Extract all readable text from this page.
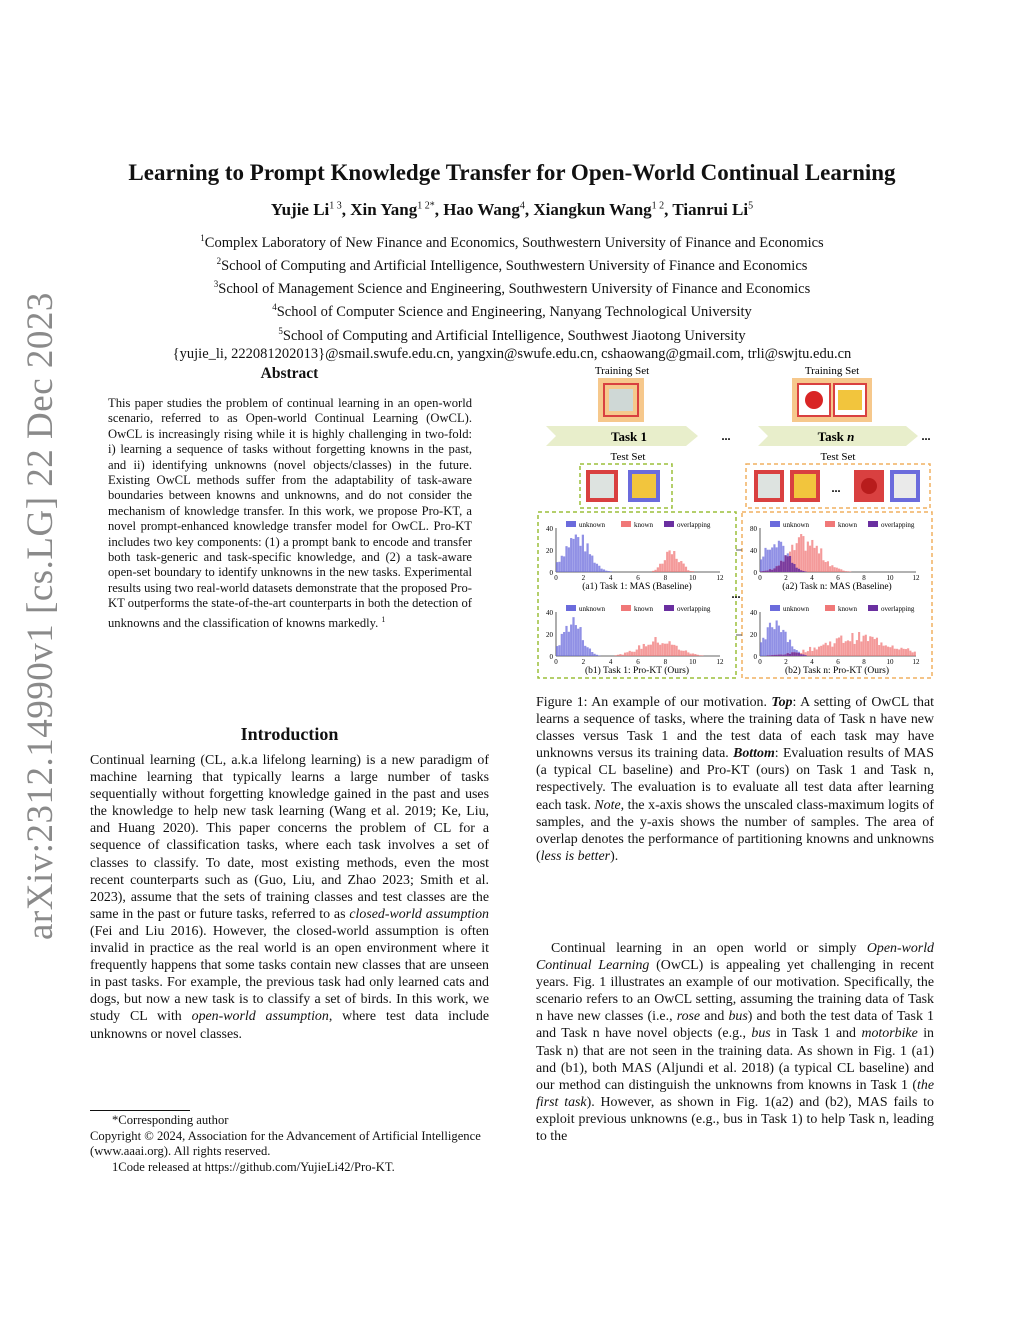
arXiv:2312.14990v1 [cs.LG] 22 Dec 2023
Learning to Prompt Knowledge Transfer for Open-World Continual Learning
Yujie $Li^{1 3}$, Xin Yang$^{1 2*}$, Hao Wang$^4$, Xiangkun Wang$^{1 2}$, Tianrui Li$^5$
$^1$Complex Laboratory of New Finance and Economics, Southwestern University of Finance and Economics
$^2$School of Computing and Artificial Intelligence, Southwestern University of Finance and Economics
$^3$School of Management Science and Engineering, Southwestern University of Finance and Economics
$^4$School of Computer Science and Engineering, Nanyang Technological University
$^5$School of Computing and Artificial Intelligence, Southwest Jiaotong University
{yujie_li, 222081202013}@smail.swufe.edu.cn, yangxin@swufe.edu.cn, cshaowang@gmail.com, trli@swjtu.edu.cn
Abstract
This paper studies the problem of continual learning in an open-world scenario, referred to as Open-world Continual Learning (OwCL). OwCL is increasingly rising while it is highly challenging in two-fold: i) learning a sequence of tasks without forgetting knowns in the past, and ii) identifying unknowns (novel objects/classes) in the future. Existing OwCL methods suffer from the adaptability of task-aware boundaries between knowns and unknowns, and do not consider the mechanism of knowledge transfer. In this work, we propose Pro-KT, a novel prompt-enhanced knowledge transfer model for OwCL. Pro-KT includes two key components: (1) a prompt bank to encode and transfer both task-generic and task-specific knowledge, and (2) a task-aware open-set boundary to identify unknowns in the new tasks. Experimental results using two real-world datasets demonstrate that the proposed Pro-KT outperforms the state-of-the-art counterparts in both the detection of unknowns and the classification of knowns markedly. $^1$
Introduction
Continual learning (CL, a.k.a lifelong learning) is a new paradigm of machine learning that typically learns a large number of tasks sequentially without forgetting knowledge gained in the past and uses the knowledge to help new task learning (Wang et al. 2019; Ke, Liu, and Huang 2020). This paper concerns the problem of CL for a sequence of classification tasks, where each task involves a set of classes to classify. To date, most existing methods, even the most recent counterparts such as (Guo, Liu, and Zhao 2023; Smith et al. 2023), assume that the sets of training classes and test classes are the same in the past or future tasks, referred to as closed-world assumption (Fei and Liu 2016). However, the closed-world assumption is often invalid in practice as the real world is an open environment where it frequently happens that some tasks contain new classes that are unseen in past tasks. For example, the previous task had only learned cats and dogs, but now a new task is to classify a set of birds. In this work, we study CL with open-world assumption, where test data include unknowns or novel classes.

*Corresponding author

Copyright © 2024, Association for the Advancement of Artificial Intelligence (www.aaai.org). All rights reserved.

1Code released at https://github.com/YujieLi42/Pro-KT.

Training Set
Task 1	...
Test Set
Training Set
Task n	...
Test Set
...
...
unknown	known	overlapping
40
20
0
0	2	4	6	8	10	12
(a1) Task 1: MAS (Baseline)
unknown	known	overlapping
80
40
0
0	2	4	6	8	10	12
(a2) Task n: MAS (Baseline)
unknown	known	overlapping
40
20
0
0	2	4	6	8	10	12
(b1) Task 1: Pro-KT (Ours)
unknown	known	overlapping
40
20
0
0	2	4	6	8	10	12
(b2) Task n: Pro-KT (Ours)
Figure 1: An example of our motivation. Top: A setting of OwCL that learns a sequence of tasks, where the training data of Task n have new classes versus Task 1 and the test data of each task may have unknowns versus its training data. Bottom: Evaluation results of MAS (a typical CL baseline) and Pro-KT (ours) on Task 1 and Task n, respectively. The evaluation is to evaluate all test data after learning each task. Note, the x-axis shows the unscaled class-maximum logits of samples, and the y-axis shows the number of samples. The area of overlap denotes the performance of partitioning knowns and unknowns (less is better).
Continual learning in an open world or simply Open-world Continual Learning (OwCL) is appealing yet challenging in recent years. Fig. 1 illustrates an example of our motivation. Specifically, the scenario refers to an OwCL setting, assuming the training data of Task n have new classes (i.e., rose and bus) and both the test data of Task 1 and Task n have novel objects (e.g., bus in Task 1 and motorbike in Task n) that are not seen in the training data. As shown in Fig. 1 (a1) and (b1), both MAS (Aljundi et al. 2018) (a typical CL baseline) and our method can distinguish the unknowns from knowns in Task 1 (the first task). However, as shown in Fig. 1(a2) and (b2), MAS fails to exploit previous unknowns (e.g., bus in Task 1) to help Task n, leading to the
